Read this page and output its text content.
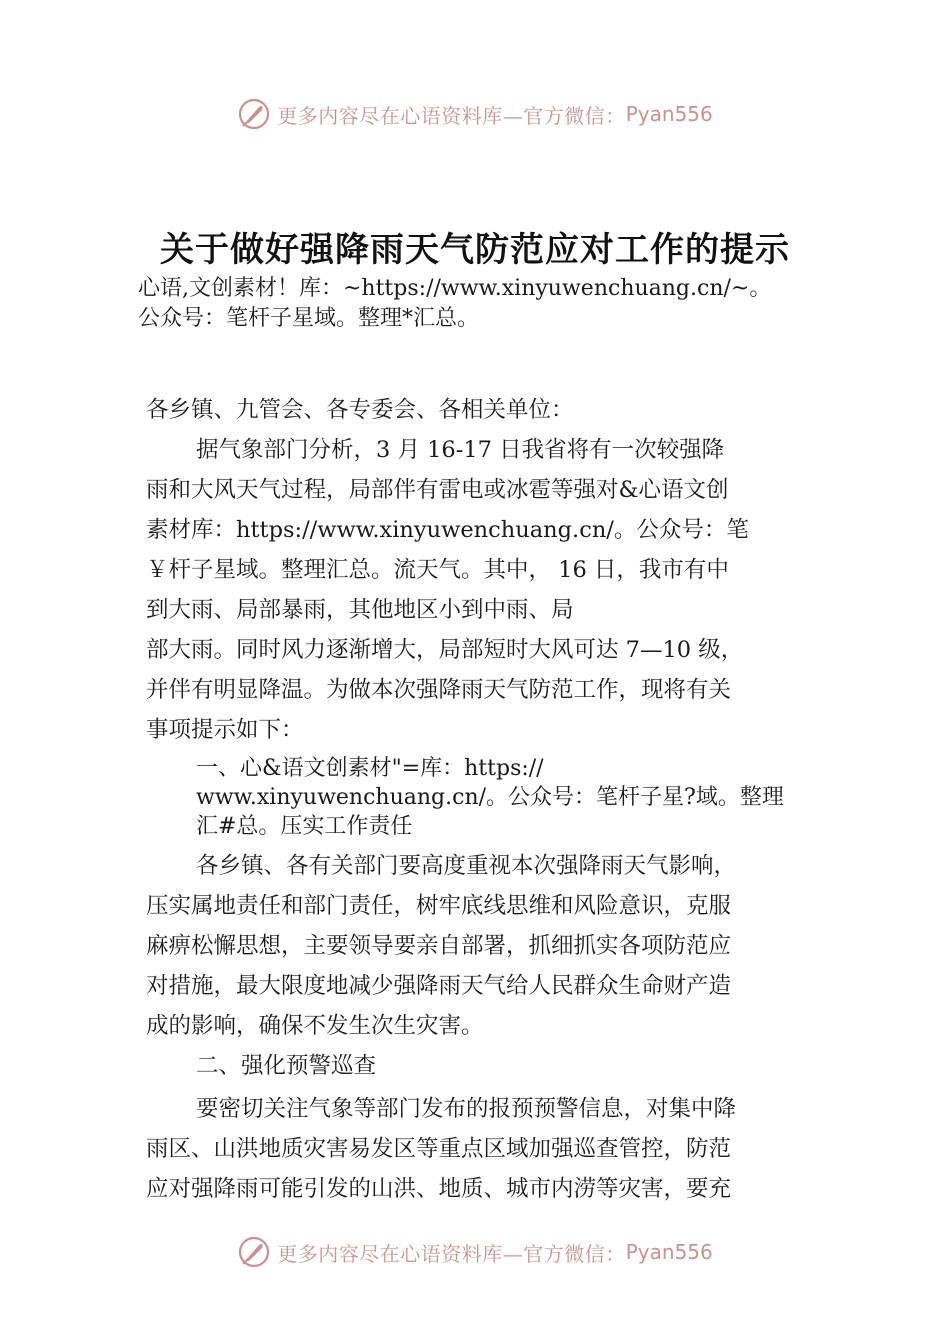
更多内容尽在心语资料库—官方微信： Pyan556
关于做好强降雨天气防范应对工作的提示
心语,文创素材！库：~https://www.xinyuwenchuang.cn/~。
公众号：笔杆子星域。整理*汇总。
各乡镇、九管会、各专委会、各相关单位：
据气象部门分析，3 月 16-17 日我省将有一次较强降
雨和大风天气过程，局部伴有雷电或冰雹等强对&心语文创
素材库：https://www.xinyuwenchuang.cn/。公众号：笔
￥杆子星域。整理汇总。流天气。其中， 16 日，我市有中
到大雨、局部暴雨，其他地区小到中雨、局
部大雨。同时风力逐渐增大，局部短时大风可达 7—10 级，
并伴有明显降温。为做本次强降雨天气防范工作，现将有关
事项提示如下：
一、心&语文创素材"=库：https://
www.xinyuwenchuang.cn/。公众号：笔杆子星?域。整理
汇#总。压实工作责任
各乡镇、各有关部门要高度重视本次强降雨天气影响，
压实属地责任和部门责任，树牢底线思维和风险意识，克服
麻痹松懈思想，主要领导要亲自部署，抓细抓实各项防范应
对措施，最大限度地减少强降雨天气给人民群众生命财产造
成的影响，确保不发生次生灾害。
二、强化预警巡查
要密切关注气象等部门发布的报预预警信息，对集中降
雨区、山洪地质灾害易发区等重点区域加强巡查管控，防范
应对强降雨可能引发的山洪、地质、城市内涝等灾害，要充
更多内容尽在心语资料库—官方微信： Pyan556
